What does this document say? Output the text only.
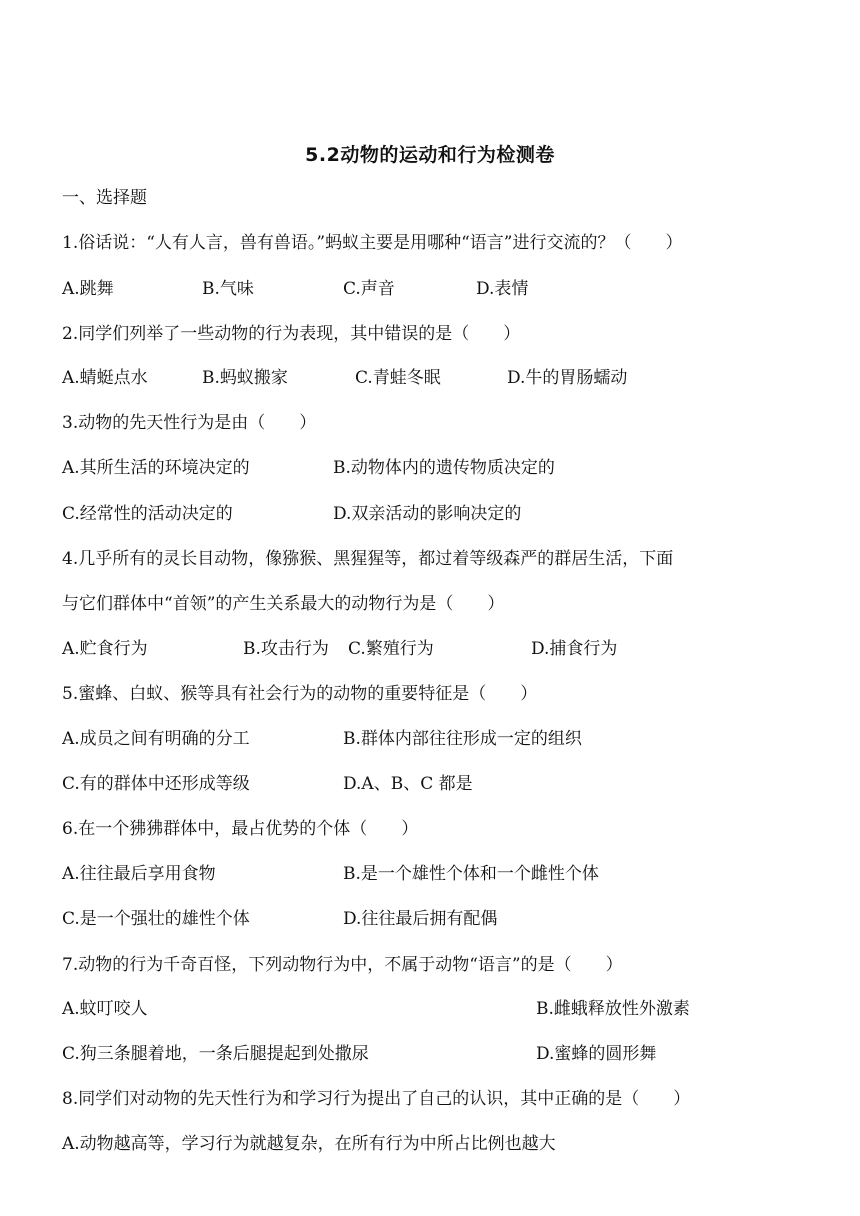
5.2动物的运动和行为检测卷
一、选择题
1.俗话说：“人有人言，兽有兽语。”蚂蚁主要是用哪种“语言”进行交流的？（　　）
A.跳舞	B.气味	C.声音	D.表情
2.同学们列举了一些动物的行为表现，其中错误的是（　　）
A.蜻蜓点水	B.蚂蚁搬家	C.青蛙冬眠	D.牛的胃肠蠕动
3.动物的先天性行为是由（　　）
A.其所生活的环境决定的	B.动物体内的遗传物质决定的
C.经常性的活动决定的	D.双亲活动的影响决定的
4.几乎所有的灵长目动物，像猕猴、黑猩猩等，都过着等级森严的群居生活，下面
与它们群体中“首领”的产生关系最大的动物行为是（　　）
A.贮食行为	B.攻击行为 C.繁殖行为	D.捕食行为
5.蜜蜂、白蚁、猴等具有社会行为的动物的重要特征是（　　）
A.成员之间有明确的分工	B.群体内部往往形成一定的组织
C.有的群体中还形成等级	D.A、B、C 都是
6.在一个狒狒群体中，最占优势的个体（　　）
A.往往最后享用食物	B.是一个雄性个体和一个雌性个体
C.是一个强壮的雄性个体	D.往往最后拥有配偶
7.动物的行为千奇百怪，下列动物行为中，不属于动物“语言”的是（　　）
A.蚊叮咬人	B.雌蛾释放性外激素
C.狗三条腿着地，一条后腿提起到处撒尿	D.蜜蜂的圆形舞
8.同学们对动物的先天性行为和学习行为提出了自己的认识，其中正确的是（　　）
A.动物越高等，学习行为就越复杂，在所有行为中所占比例也越大
